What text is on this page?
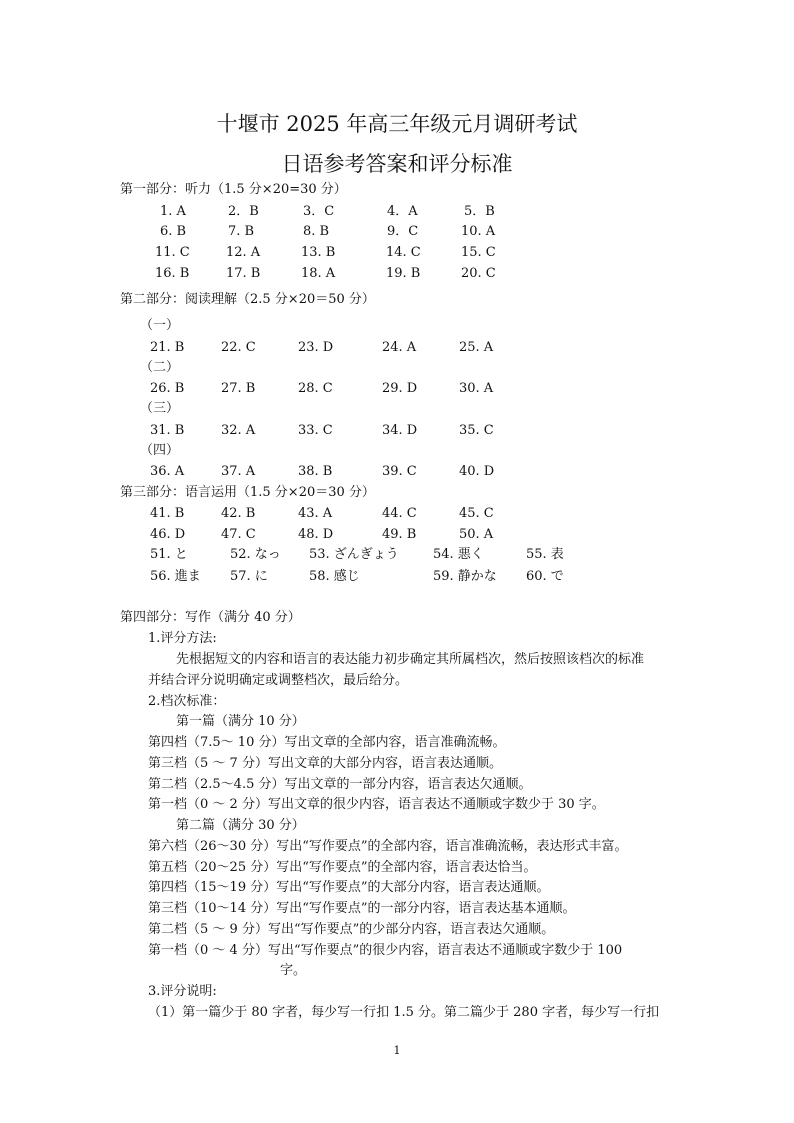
十堰市 2025 年高三年级元月调研考试
日语参考答案和评分标准
第一部分：听力（1.5 分×20=30 分）
1. A	2．B	3．C	4．A	5．B
6. B	7. B	8. B	9．C	10. A
11. C	12. A	13. B	14. C	15. C
16. B	17. B	18. A	19. B	20. C
第二部分：阅读理解（2.5 分×20＝50 分）
（一）
21. B	22. C	23. D	24. A	25. A
（二）
26. B	27. B	28. C	29. D	30. A
（三）
31. B	32. A	33. C	34. D	35. C
（四）
36. A	37. A	38. B	39. C	40. D
第三部分：语言运用（1.5 分×20＝30 分）
41. B	42. B	43. A	44. C	45. C
46. D	47. C	48. D	49. B	50. A
51. と	52. なっ 53. ざんぎょう	54. 悪く	55. 表
56. 進ま 57. に	58. 感じ	59. 静かな 60. で
第四部分：写作（满分 40 分）
1.评分方法:
先根据短文的内容和语言的表达能力初步确定其所属档次，然后按照该档次的标准
并结合评分说明确定或调整档次，最后给分。
2.档次标准：
第一篇（满分 10 分）
第四档（7.5～ 10 分）写出文章的全部内容，语言准确流畅。
第三档（5 ～ 7 分）写出文章的大部分内容，语言表达通顺。
第二档（2.5～4.5 分）写出文章的一部分内容，语言表达欠通顺。
第一档（0 ～ 2 分）写出文章的很少内容，语言表达不通顺或字数少于 30 字。
第二篇（满分 30 分）
第六档（26～30 分）写出“写作要点”的全部内容，语言准确流畅，表达形式丰富。
第五档（20～25 分）写出“写作要点”的全部内容，语言表达恰当。
第四档（15～19 分）写出“写作要点”的大部分内容，语言表达通顺。
第三档（10～14 分）写出“写作要点”的一部分内容，语言表达基本通顺。
第二档（5 ～ 9 分）写出“写作要点”的少部分内容，语言表达欠通顺。
第一档（0 ～ 4 分）写出“写作要点”的很少内容，语言表达不通顺或字数少于 100
字。
3.评分说明:
（1）第一篇少于 80 字者，每少写一行扣 1.5 分。第二篇少于 280 字者，每少写一行扣
1
